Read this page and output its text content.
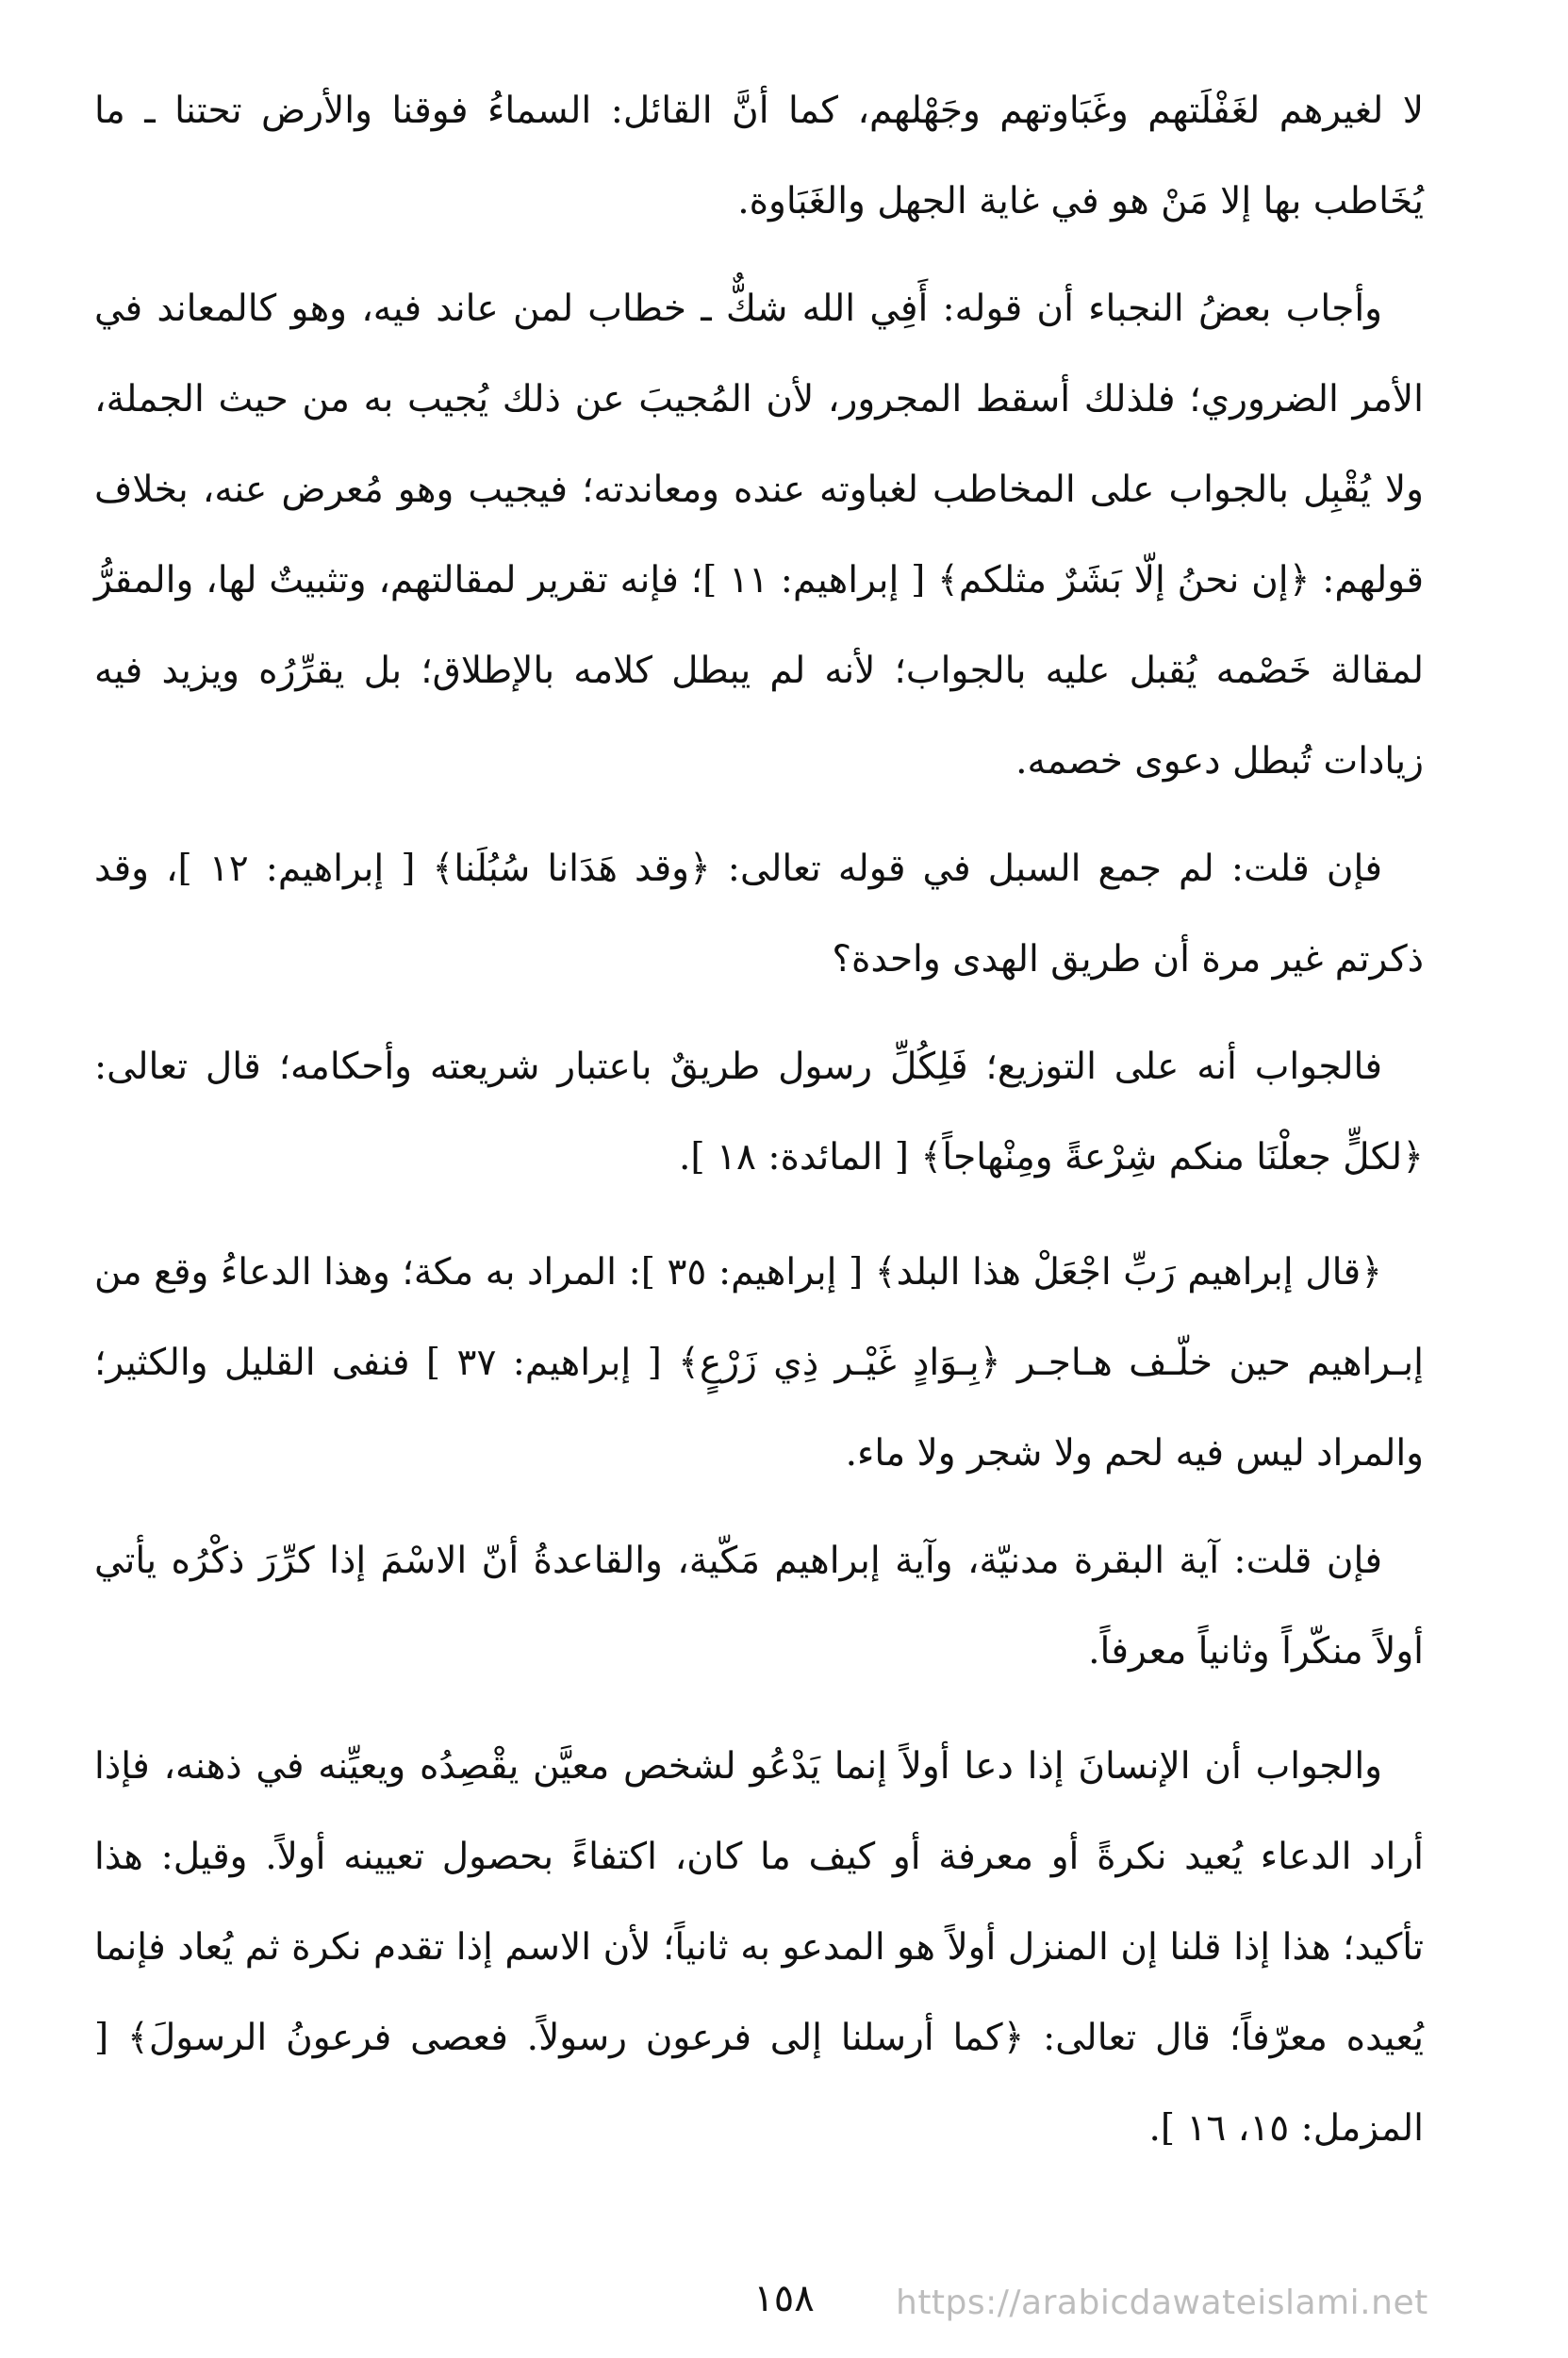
لا لغيرهم لغَفْلَتهم وغَبَاوتهم وجَهْلهم، كما أنَّ القائل: السماءُ فوقنا والأرض تحتنا ـ ما يُخَاطب بها إلا مَنْ هو في غاية الجهل والغَبَاوة.

وأجاب بعضُ النجباء أن قوله: أَفِي الله شكٌّ ـ خطاب لمن عاند فيه، وهو كالمعاند في الأمر الضروري؛ فلذلك أسقط المجرور، لأن المُجيبَ عن ذلك يُجيب به من حيث الجملة، ولا يُقْبِل بالجواب على المخاطب لغباوته عنده ومعاندته؛ فيجيب وهو مُعرض عنه، بخلاف قولهم: ﴿إن نحنُ إلّا بَشَرٌ مثلكم﴾ [ إبراهيم: ١١ ]؛ فإنه تقرير لمقالتهم، وتثبيتٌ لها، والمقرُّ لمقالة خَصْمه يُقبل عليه بالجواب؛ لأنه لم يبطل كلامه بالإطلاق؛ بل يقرِّرُه ويزيد فيه زيادات تُبطل دعوى خصمه.

فإن قلت: لم جمع السبل في قوله تعالى: ﴿وقد هَدَانا سُبُلَنا﴾ [ إبراهيم: ١٢ ]، وقد ذكرتم غير مرة أن طريق الهدى واحدة؟

فالجواب أنه على التوزيع؛ فَلِكُلِّ رسول طريقٌ باعتبار شريعته وأحكامه؛ قال تعالى: ﴿لكلٍّ جعلْنَا منكم شِرْعةً ومِنْهاجاً﴾ [ المائدة: ١٨ ].

﴿قال إبراهيم رَبِّ اجْعَلْ هذا البلد﴾ [ إبراهيم: ٣٥ ]: المراد به مكة؛ وهذا الدعاءُ وقع من إبـراهيم حين خلّـف هـاجـر ﴿بِـوَادٍ غَيْـر ذِي زَرْعٍ﴾ [ إبراهيم: ٣٧ ] فنفى القليل والكثير؛ والمراد ليس فيه لحم ولا شجر ولا ماء.

فإن قلت: آية البقرة مدنيّة، وآية إبراهيم مَكّية، والقاعدةُ أنّ الاسْمَ إذا كرِّرَ ذكْرُه يأتي أولاً منكّراً وثانياً معرفاً.

والجواب أن الإنسانَ إذا دعا أولاً إنما يَدْعُو لشخص معيَّن يقْصِدُه ويعيِّنه في ذهنه، فإذا أراد الدعاء يُعيد نكرةً أو معرفة أو كيف ما كان، اكتفاءً بحصول تعيينه أولاً. وقيل: هذا تأكيد؛ هذا إذا قلنا إن المنزل أولاً هو المدعو به ثانياً؛ لأن الاسم إذا تقدم نكرة ثم يُعاد فإنما يُعيده معرّفاً؛ قال تعالى: ﴿كما أرسلنا إلى فرعون رسولاً. فعصى فرعونُ الرسولَ﴾ [ المزمل: ١٥، ١٦ ].

١٥٨	https://arabicdawateislami.net
